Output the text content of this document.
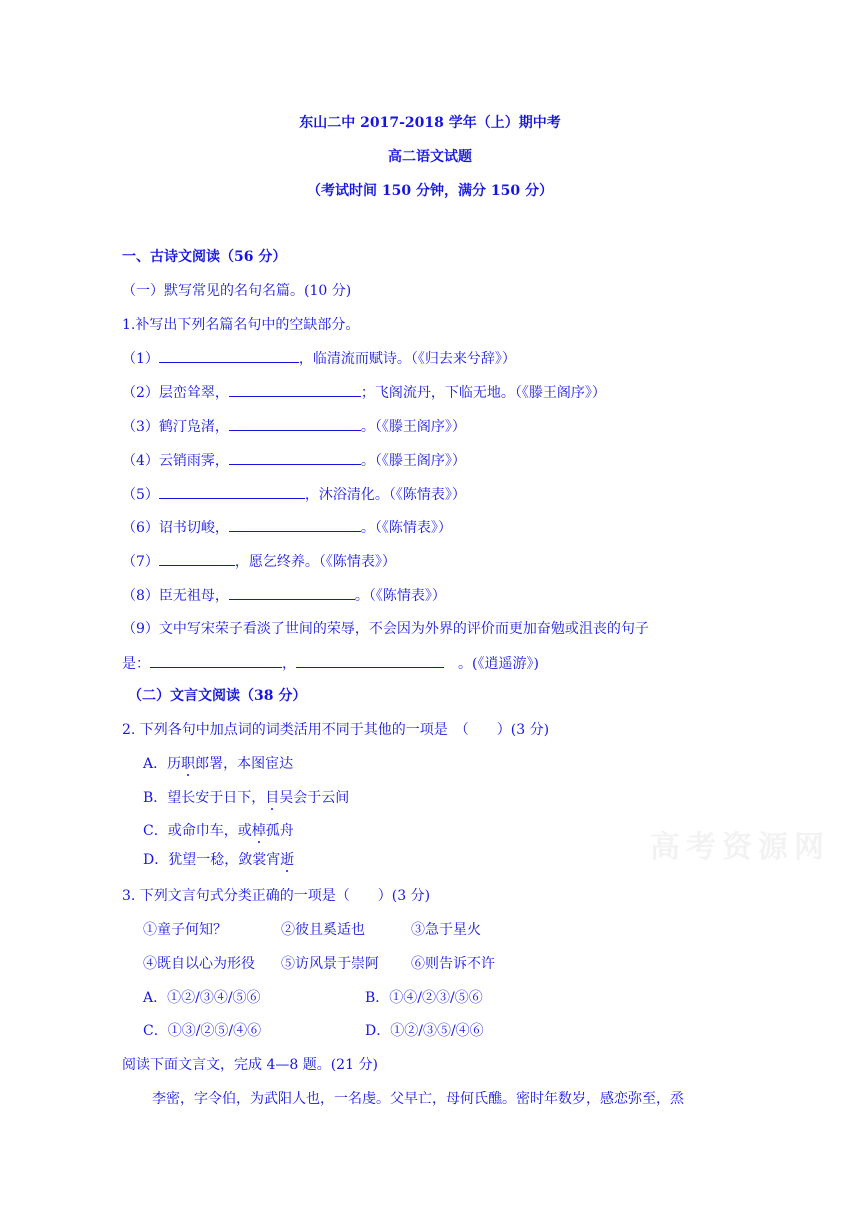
东山二中 2017-2018 学年（上）期中考
高二语文试题
（考试时间 150 分钟，满分 150 分）
一、古诗文阅读（56 分）
（一）默写常见的名句名篇。(10 分)
1.补写出下列名篇名句中的空缺部分。
（1）	，临清流而赋诗。（《归去来兮辞》）
（2）层峦耸翠，	；飞阁流丹，下临无地。（《滕王阁序》）
（3）鹤汀凫渚，	。（《滕王阁序》）
（4）云销雨霁，	。（《滕王阁序》）
（5）	，沐浴清化。（《陈情表》）
（6）诏书切峻，	。（《陈情表》）
（7）	，愿乞终养。（《陈情表》）
（8）臣无祖母，	。（《陈情表》）
（9）文中写宋荣子看淡了世间的荣辱，不会因为外界的评价而更加奋勉或沮丧的句子
是：	，	。(《逍遥游》)
（二）文言文阅读（38 分）
2. 下列各句中加点词的词类活用不同于其他的一项是　（　　）(3 分)
A．历职郎署，本图宦达
B．望长安于日下，目吴会于云间
C．或命巾车，或棹孤舟
D．犹望一稔，敛裳宵逝
3. 下列文言句式分类正确的一项是（　　）(3 分)
①童子何知？	②彼且奚适也	③急于星火
④既自以心为形役 ⑤访风景于崇阿 ⑥则告诉不许
A．①②/③④/⑤⑥	B．①④/②③/⑤⑥
C．①③/②⑤/④⑥	D．①②/③⑤/④⑥
阅读下面文言文，完成 4—8 题。(21 分)
李密，字令伯，为武阳人也，一名虔。父早亡，母何氏醮。密时年数岁，感恋弥至，烝
高考资源网
